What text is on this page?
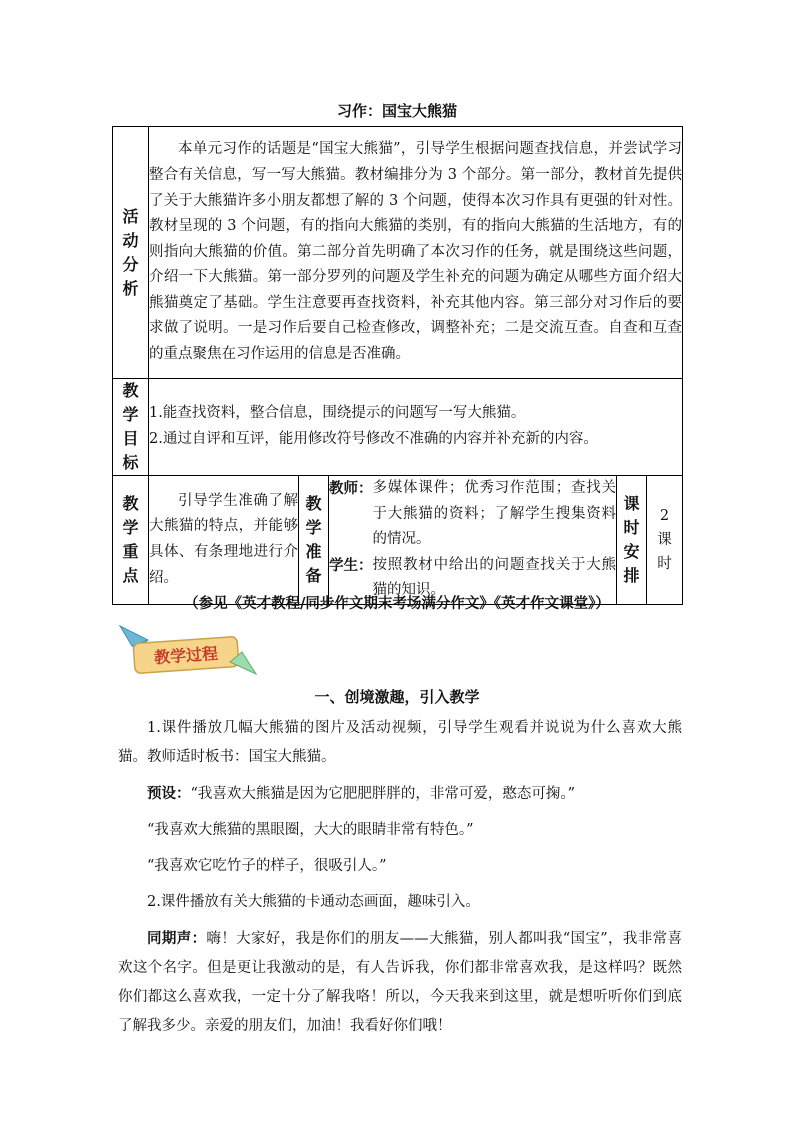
习作：国宝大熊猫
活动分析	本单元习作的话题是“国宝大熊猫”，引导学生根据问题查找信息，并尝试学习整合有关信息，写一写大熊猫。教材编排分为 3 个部分。第一部分，教材首先提供了关于大熊猫许多小朋友都想了解的 3 个问题，使得本次习作具有更强的针对性。教材呈现的 3 个问题，有的指向大熊猫的类别，有的指向大熊猫的生活地方，有的则指向大熊猫的价值。第二部分首先明确了本次习作的任务，就是围绕这些问题，介绍一下大熊猫。第一部分罗列的问题及学生补充的问题为确定从哪些方面介绍大熊猫奠定了基础。学生注意要再查找资料，补充其他内容。第三部分对习作后的要求做了说明。一是习作后要自己检查修改，调整补充；二是交流互查。自查和互查的重点聚焦在习作运用的信息是否准确。				

教学目标	1.能查找资料，整合信息，围绕提示的问题写一写大熊猫。
2.通过自评和互评，能用修改符号修改不准确的内容并补充新的内容。				

教学重点	引导学生准确了解大熊猫的特点，并能够具体、有条理地进行介绍。	教学准备	教师： 多媒体课件；优秀习作范围；查找关于大熊猫的资料；了解学生搜集资料的情况。
学生： 按照教材中给出的问题查找关于大熊猫的知识。	课时安排	2课时
（参见《英才教程/同步作文期末考场满分作文》《英才作文课堂》）
教学过程
一、创境激趣，引入教学

1.课件播放几幅大熊猫的图片及活动视频，引导学生观看并说说为什么喜欢大熊猫。教师适时板书：国宝大熊猫。

预设：“我喜欢大熊猫是因为它肥肥胖胖的，非常可爱，憨态可掬。”

“我喜欢大熊猫的黑眼圈，大大的眼睛非常有特色。”

“我喜欢它吃竹子的样子，很吸引人。”

2.课件播放有关大熊猫的卡通动态画面，趣味引入。

同期声：嗨！大家好，我是你们的朋友——大熊猫，别人都叫我“国宝”，我非常喜欢这个名字。但是更让我激动的是，有人告诉我，你们都非常喜欢我，是这样吗？既然你们都这么喜欢我，一定十分了解我咯！所以，今天我来到这里，就是想听听你们到底了解我多少。亲爱的朋友们，加油！我看好你们哦！
